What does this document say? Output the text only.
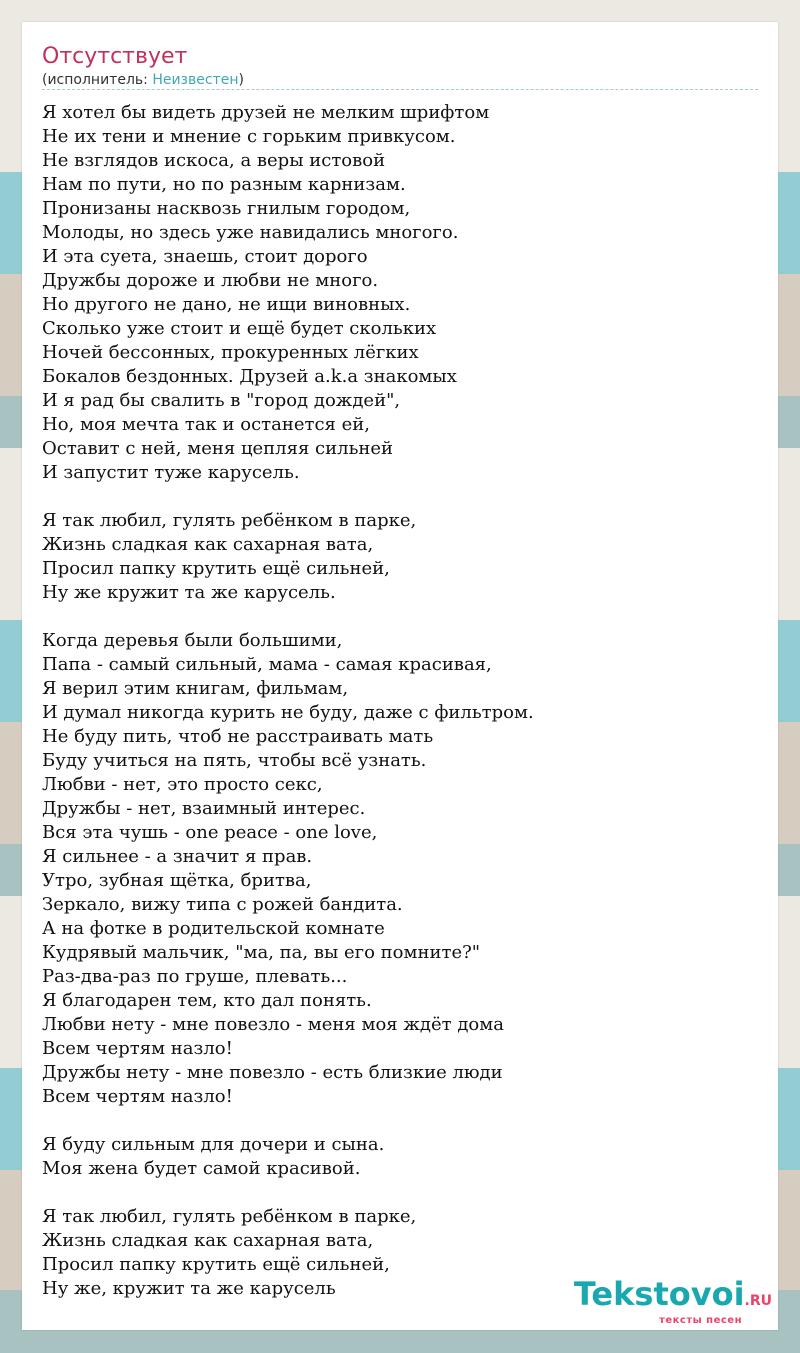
Отсутствует
(исполнитель: Неизвестен)
Я хотел бы видеть друзей не мелким шрифтом
Не их тени и мнение с горьким привкусом.
Не взглядов искоса, а веры истовой
Нам по пути, но по разным карнизам.
Пронизаны насквозь гнилым городом,
Молоды, но здесь уже навидались многого.
И эта суета, знаешь, стоит дорого
Дружбы дороже и любви не много.
Но другого не дано, не ищи виновных.
Сколько уже стоит и ещё будет скольких
Ночей бессонных, прокуренных лёгких
Бокалов бездонных. Друзей a.k.a знакомых
И я рад бы свалить в "город дождей",
Но, моя мечта так и останется ей,
Оставит с ней, меня цепляя сильней
И запустит туже карусель.
Я так любил, гулять ребёнком в парке,
Жизнь сладкая как сахарная вата,
Просил папку крутить ещё сильней,
Ну же кружит та же карусель.
Когда деревья были большими,
Папа - самый сильный, мама - самая красивая,
Я верил этим книгам, фильмам,
И думал никогда курить не буду, даже с фильтром.
Не буду пить, чтоб не расстраивать мать
Буду учиться на пять, чтобы всё узнать.
Любви - нет, это просто секс,
Дружбы - нет, взаимный интерес.
Вся эта чушь - one peace - one love,
Я сильнее - а значит я прав.
Утро, зубная щётка, бритва,
Зеркало, вижу типа с рожей бандита.
А на фотке в родительской комнате
Кудрявый мальчик, "ма, па, вы его помните?"
Раз-два-раз по груше, плевать...
Я благодарен тем, кто дал понять.
Любви нету - мне повезло - меня моя ждёт дома
Всем чертям назло!
Дружбы нету - мне повезло - есть близкие люди
Всем чертям назло!
Я буду сильным для дочери и сына.
Моя жена будет самой красивой.
Я так любил, гулять ребёнком в парке,
Жизнь сладкая как сахарная вата,
Просил папку крутить ещё сильней,
Ну же, кружит та же карусель	Tekstovoi.RU
тексты песен
